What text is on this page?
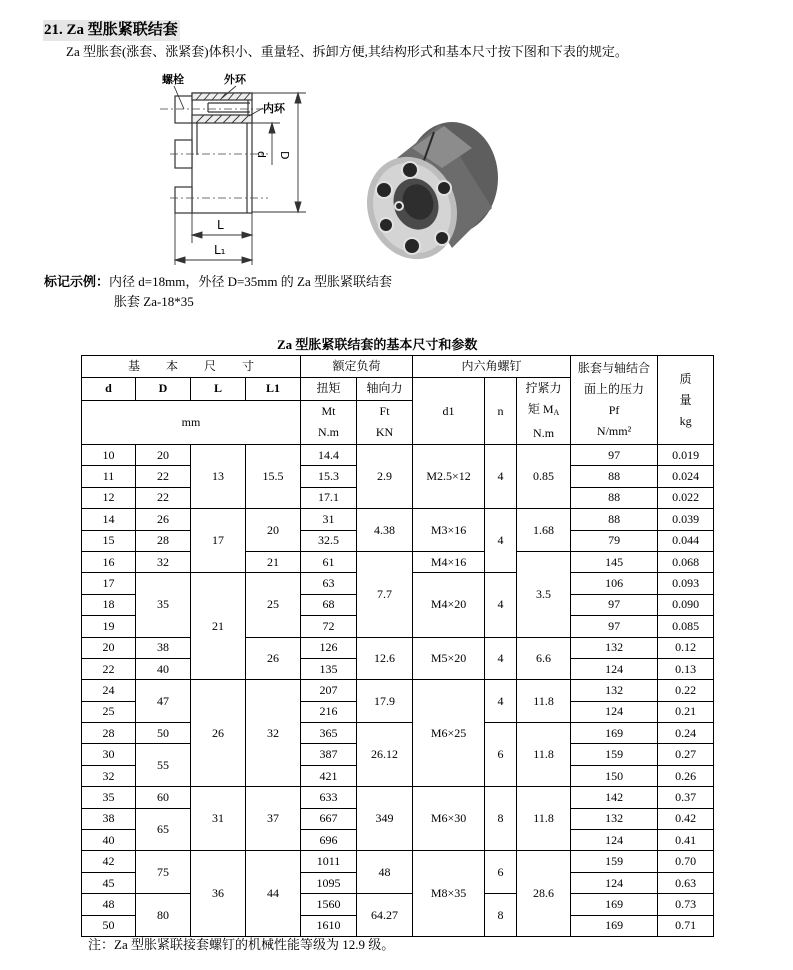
21. Za 型胀紧联结套
Za 型胀套(涨套、涨紧套)体积小、重量轻、拆卸方便,其结构形式和基本尺寸按下图和下表的规定。
螺栓	外环
内环
d D
L
L₁
标记示例：内径 d=18mm，外径 D=35mm 的 Za 型胀紧联结套
胀套 Za-18*35
Za 型胀紧联结套的基本尺寸和参数
基本尺寸				额定负荷		内六角螺钉			胀套与轴结合
面上的压力
Pf
N/mm²	质
量
kg

d	D	L	L1	扭矩	轴向力	d1	n	拧紧力
矩 $M_A$
N.m		

mm				Mt
N.m	Ft
KN					

10	20	13	15.5	14.4	2.9	M2.5×12	4	0.85	97	0.019
11	22			15.3					88	0.024
12	22			17.1					88	0.022
14	26	17	20	31	4.38	M3×16	4	1.68	88	0.039
15	28			32.5					79	0.044
16	32		21	61	7.7	M4×16		3.5	145	0.068
17	35	21	25	63		M4×20	4		106	0.093
18				68					97	0.090
19				72					97	0.085
20	38		26	126	12.6	M5×20	4	6.6	132	0.12
22	40			135					124	0.13
24	47	26	32	207	17.9	M6×25	4	11.8	132	0.22
25				216					124	0.21
28	50			365	26.12		6	11.8	169	0.24
30	55			387					159	0.27
32				421					150	0.26
35	60	31	37	633	349	M6×30	8	11.8	142	0.37
38	65			667					132	0.42
40				696					124	0.41
42	75	36	44	1011	48	M8×35	6	28.6	159	0.70
45				1095					124	0.63
48	80			1560	64.27		8		169	0.73
50				1610					169	0.71
注：Za 型胀紧联接套螺钉的机械性能等级为 12.9 级。
